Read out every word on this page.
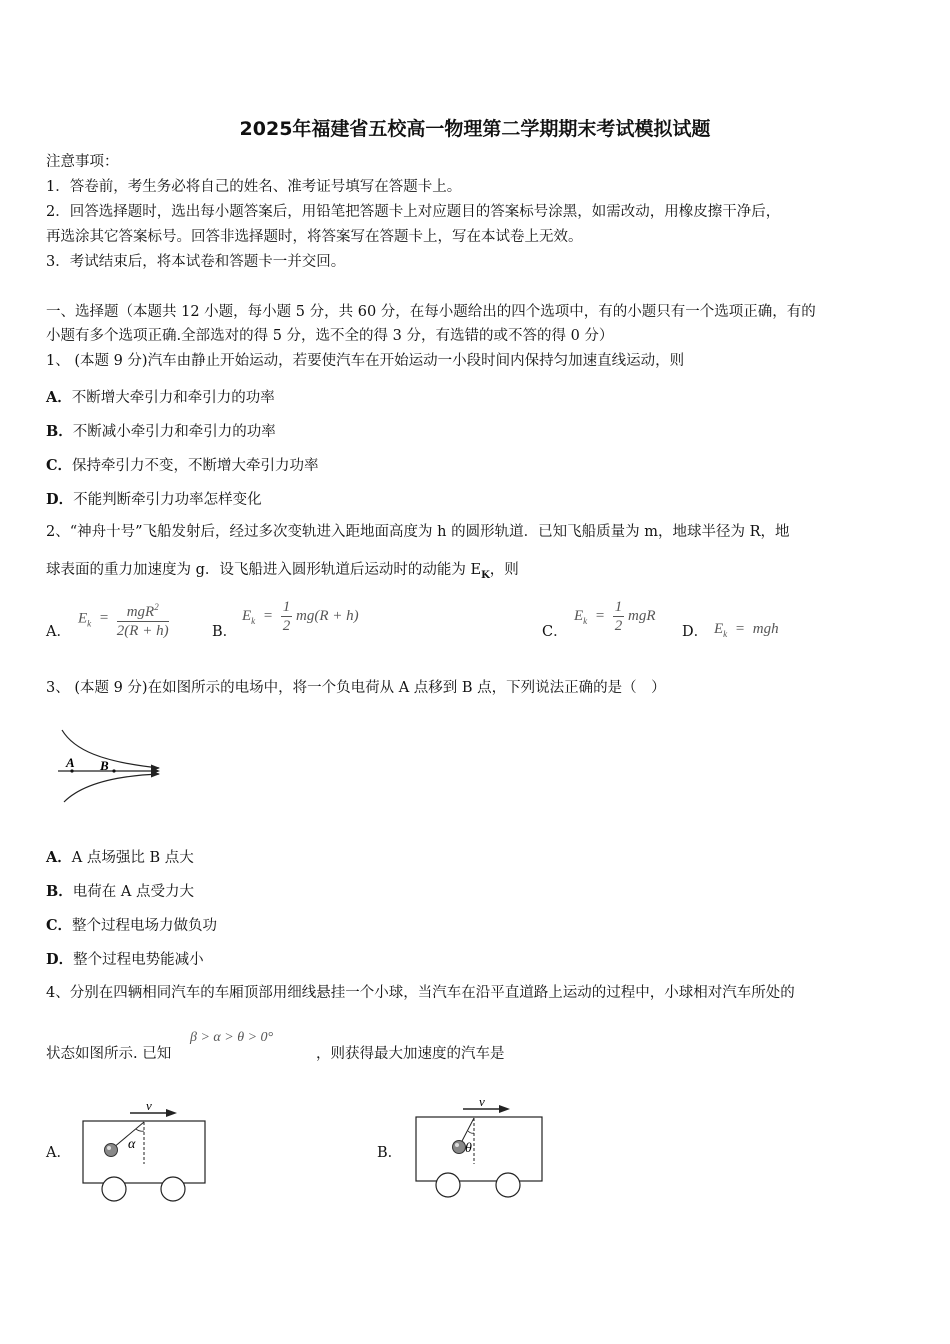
2025年福建省五校高一物理第二学期期末考试模拟试题
注意事项：
1．答卷前，考生务必将自己的姓名、准考证号填写在答题卡上。
2．回答选择题时，选出每小题答案后，用铅笔把答题卡上对应题目的答案标号涂黑，如需改动，用橡皮擦干净后，
再选涂其它答案标号。回答非选择题时，将答案写在答题卡上，写在本试卷上无效。
3．考试结束后，将本试卷和答题卡一并交回。
一、选择题（本题共 12 小题，每小题 5 分，共 60 分，在每小题给出的四个选项中，有的小题只有一个选项正确，有的
小题有多个选项正确.全部选对的得 5 分，选不全的得 3 分，有选错的或不答的得 0 分）
1、 (本题 9 分)汽车由静止开始运动，若要使汽车在开始运动一小段时间内保持匀加速直线运动，则
A．不断增大牵引力和牵引力的功率
B．不断减小牵引力和牵引力的功率
C．保持牵引力不变，不断增大牵引力功率
D．不能判断牵引力功率怎样变化
2、“神舟十号”飞船发射后，经过多次变轨进入距地面高度为 h 的圆形轨道．已知飞船质量为 m，地球半径为 R，地
球表面的重力加速度为 g．设飞船进入圆形轨道后运动时的动能为 $E_K$，则
A．
$E_k = \frac{mgR^2}{2(R + h)}$	B．
$E_k = \frac{1}{2} mg(R + h)$
C．
$E_k = \frac{1}{2}$ mgR
D． $E_k$ = mgh
3、 (本题 9 分)在如图所示的电场中，将一个负电荷从 A 点移到 B 点，下列说法正确的是（　）
A B
A．A 点场强比 B 点大
B．电荷在 A 点受力大
C．整个过程电场力做负功
D．整个过程电势能减小
4、分别在四辆相同汽车的车厢顶部用细线悬挂一个小球，当汽车在沿平直道路上运动的过程中，小球相对汽车所处的
状态如图所示. 已知
β > α > θ > 0°
，则获得最大加速度的汽车是
A．
v
α
B．
v
θ
